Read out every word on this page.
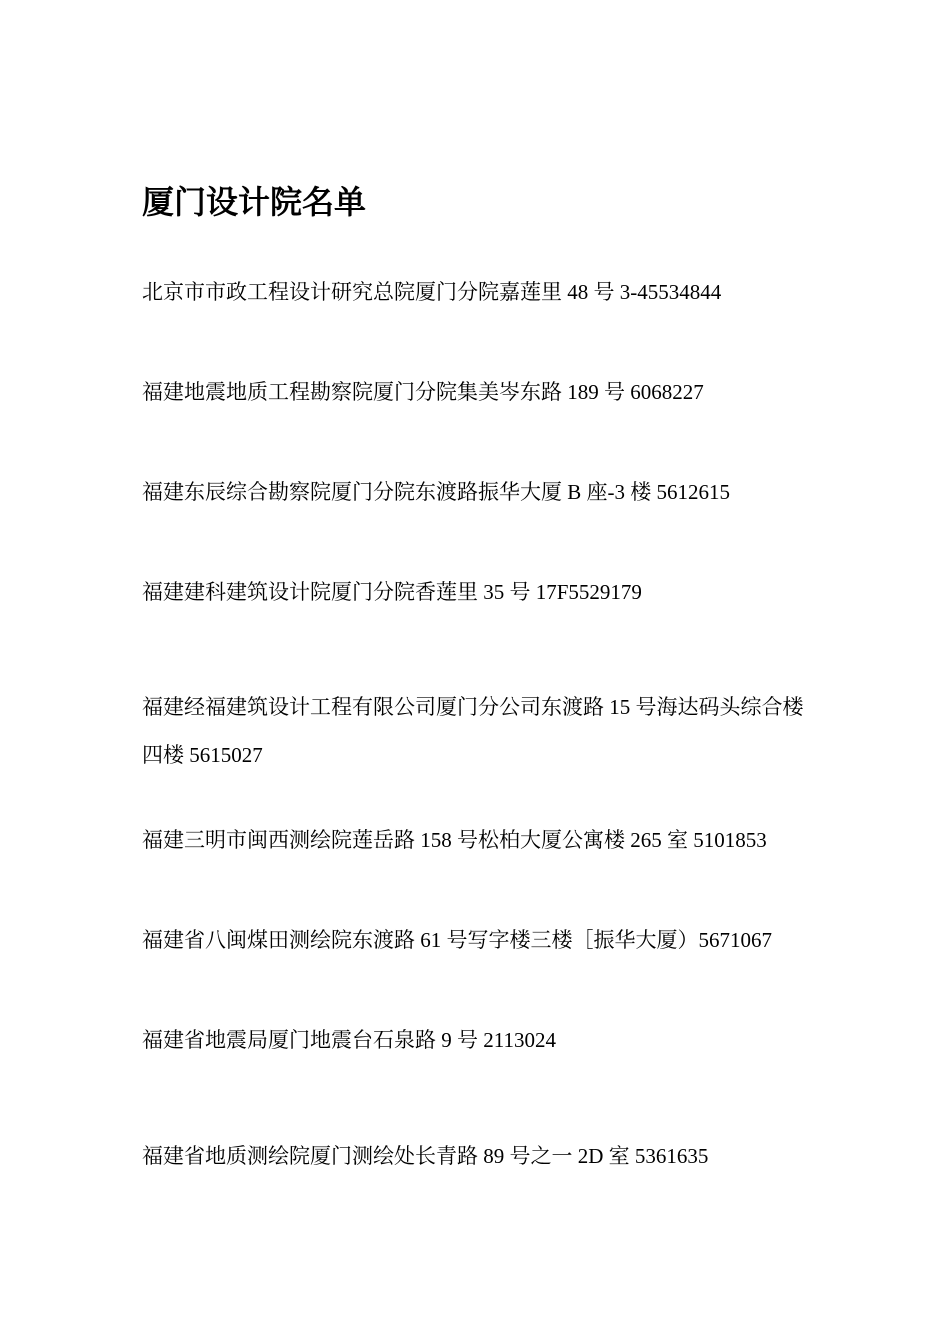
厦门设计院名单

北京市市政工程设计研究总院厦门分院嘉莲里 48 号 3-45534844

福建地震地质工程勘察院厦门分院集美岑东路 189 号 6068227

福建东辰综合勘察院厦门分院东渡路振华大厦 B 座-3 楼 5612615

福建建科建筑设计院厦门分院香莲里 35 号 17F5529179

福建经福建筑设计工程有限公司厦门分公司东渡路 15 号海达码头综合楼四楼 5615027

福建三明市闽西测绘院莲岳路 158 号松柏大厦公寓楼 265 室 5101853

福建省八闽煤田测绘院东渡路 61 号写字楼三楼［振华大厦）5671067

福建省地震局厦门地震台石泉路 9 号 2113024

福建省地质测绘院厦门测绘处长青路 89 号之一 2D 室 5361635
